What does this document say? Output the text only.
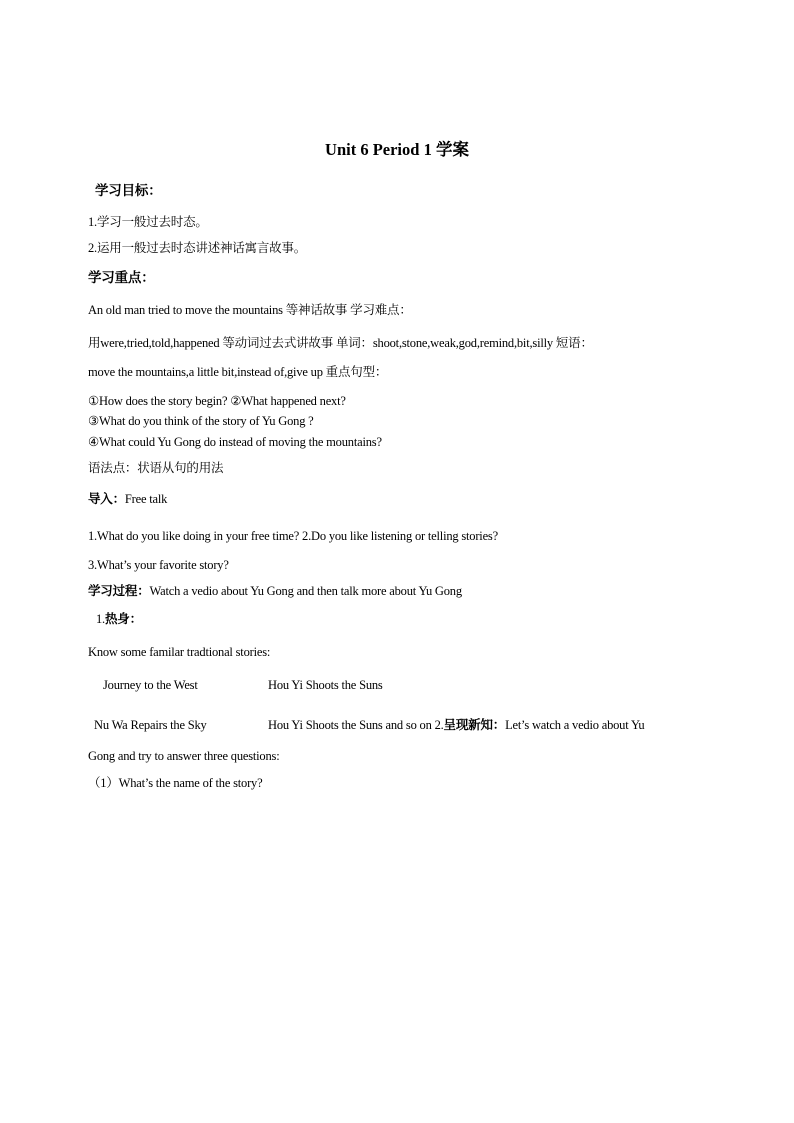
Unit 6 Period 1 学案
学习目标：
1.学习一般过去时态。
2.运用一般过去时态讲述神话寓言故事。
学习重点：
An old man tried to move the mountains 等神话故事 学习难点：
用were,tried,told,happened 等动词过去式讲故事 单词：shoot,stone,weak,god,remind,bit,silly 短语：
move the mountains,a little bit,instead of,give up 重点句型：
①How does the story begin? ②What happened next?
③What do you think of the story of Yu Gong ?
④What could Yu Gong do instead of moving the mountains?
语法点：状语从句的用法
导入：Free talk
1.What do you like doing in your free time? 2.Do you like listening or telling stories?
3.What’s your favorite story?
学习过程：Watch a vedio about Yu Gong and then talk more about Yu Gong
1.热身：
Know some familar tradtional stories:
Journey to the West	Hou Yi Shoots the Suns
Nu Wa Repairs the Sky	Hou Yi Shoots the Suns and so on 2.呈现新知：Let’s watch a vedio about Yu
Gong and try to answer three questions:
（1）What’s the name of the story?
